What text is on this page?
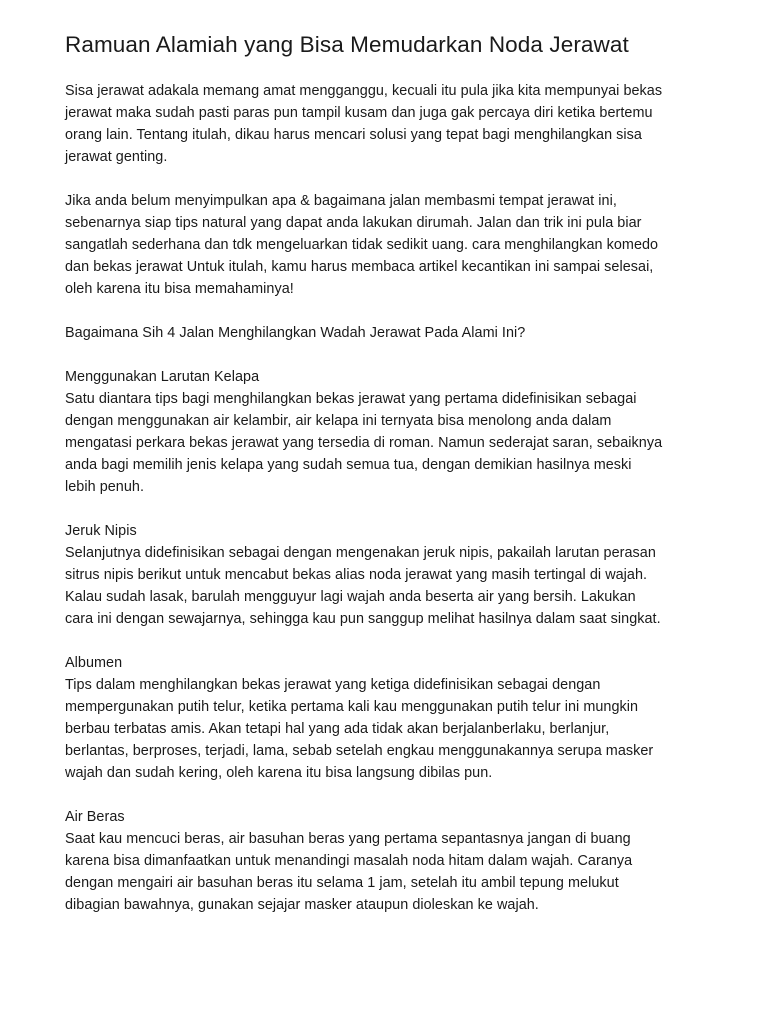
Ramuan Alamiah yang Bisa Memudarkan Noda Jerawat
Sisa jerawat adakala memang amat mengganggu, kecuali itu pula jika kita mempunyai bekas
jerawat maka sudah pasti paras pun tampil kusam dan juga gak percaya diri ketika bertemu
orang lain. Tentang itulah, dikau harus mencari solusi yang tepat bagi menghilangkan sisa
jerawat genting.
Jika anda belum menyimpulkan apa & bagaimana jalan membasmi tempat jerawat ini,
sebenarnya siap tips natural yang dapat anda lakukan dirumah. Jalan dan trik ini pula biar
sangatlah sederhana dan tdk mengeluarkan tidak sedikit uang. cara menghilangkan komedo
dan bekas jerawat Untuk itulah, kamu harus membaca artikel kecantikan ini sampai selesai,
oleh karena itu bisa memahaminya!
Bagaimana Sih 4 Jalan Menghilangkan Wadah Jerawat Pada Alami Ini?
Menggunakan Larutan Kelapa
Satu diantara tips bagi menghilangkan bekas jerawat yang pertama didefinisikan sebagai
dengan menggunakan air kelambir, air kelapa ini ternyata bisa menolong anda dalam
mengatasi perkara bekas jerawat yang tersedia di roman. Namun sederajat saran, sebaiknya
anda bagi memilih jenis kelapa yang sudah semua tua, dengan demikian hasilnya meski
lebih penuh.
Jeruk Nipis
Selanjutnya didefinisikan sebagai dengan mengenakan jeruk nipis, pakailah larutan perasan
sitrus nipis berikut untuk mencabut bekas alias noda jerawat yang masih tertingal di wajah.
Kalau sudah lasak, barulah mengguyur lagi wajah anda beserta air yang bersih. Lakukan
cara ini dengan sewajarnya, sehingga kau pun sanggup melihat hasilnya dalam saat singkat.
Albumen
Tips dalam menghilangkan bekas jerawat yang ketiga didefinisikan sebagai dengan
mempergunakan putih telur, ketika pertama kali kau menggunakan putih telur ini mungkin
berbau terbatas amis. Akan tetapi hal yang ada tidak akan berjalanberlaku, berlanjur,
berlantas, berproses, terjadi, lama, sebab setelah engkau menggunakannya serupa masker
wajah dan sudah kering, oleh karena itu bisa langsung dibilas pun.
Air Beras
Saat kau mencuci beras, air basuhan beras yang pertama sepantasnya jangan di buang
karena bisa dimanfaatkan untuk menandingi masalah noda hitam dalam wajah. Caranya
dengan mengairi air basuhan beras itu selama 1 jam, setelah itu ambil tepung melukut
dibagian bawahnya, gunakan sejajar masker ataupun dioleskan ke wajah.
